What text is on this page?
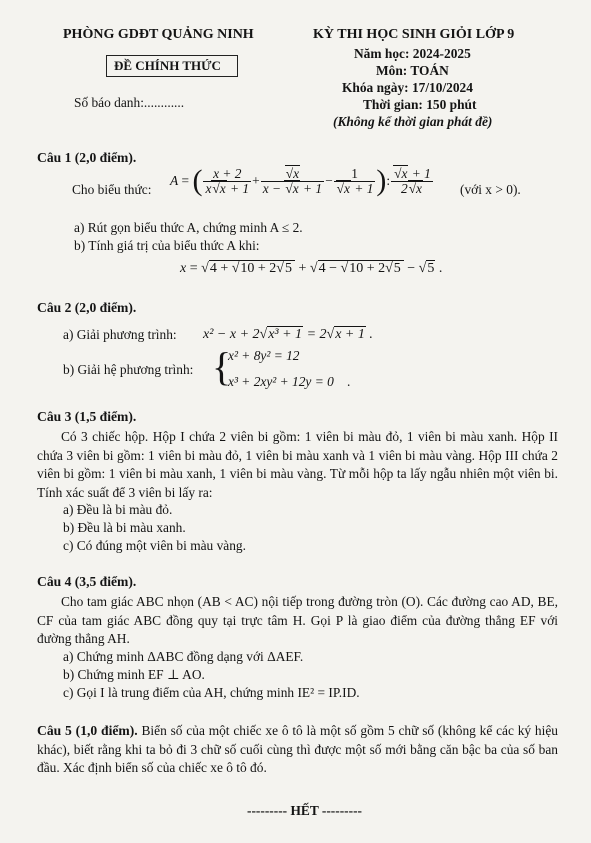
PHÒNG GDĐT QUẢNG NINH
ĐỀ CHÍNH THỨC
Số báo danh:............
KỲ THI HỌC SINH GIỎI LỚP 9
Năm học: 2024-2025
Môn: TOÁN
Khóa ngày: 17/10/2024
Thời gian: 150 phút
(Không kể thời gian phát đề)
Câu 1 (2,0 điểm).
Cho biểu thức:
A = ( $\frac{x + 2}{x√x + 1} + \frac{√x}{x - √x + 1} - \frac{1}{√x + 1}$ ) : $\frac{√x + 1}{2√x}$ (với x > 0).
a) Rút gọn biểu thức A, chứng minh A ≤ 2.
b) Tính giá trị của biểu thức A khi:
x = √4 + √10 + 2√5 + √4 − √10 + 2√5 − √5 .
Câu 2 (2,0 điểm).
a) Giải phương trình: x² − x + 2√x³ + 1 = 2√x + 1 .
b) Giải hệ phương trình: {
x² + 8y² = 12
x³ + 2xy² + 12y = 0 .
Câu 3 (1,5 điểm).
Có 3 chiếc hộp. Hộp I chứa 2 viên bi gồm: 1 viên bi màu đỏ, 1 viên bi màu xanh. Hộp II chứa 3 viên bi gồm: 1 viên bi màu đỏ, 1 viên bi màu xanh và 1 viên bi màu vàng. Hộp III chứa 2 viên bi gồm: 1 viên bi màu xanh, 1 viên bi màu vàng. Từ mỗi hộp ta lấy ngẫu nhiên một viên bi. Tính xác suất để 3 viên bi lấy ra:
a) Đều là bi màu đỏ.
b) Đều là bi màu xanh.
c) Có đúng một viên bi màu vàng.
Câu 4 (3,5 điểm).
Cho tam giác ABC nhọn (AB < AC) nội tiếp trong đường tròn (O). Các đường cao AD, BE, CF của tam giác ABC đồng quy tại trực tâm H. Gọi P là giao điểm của đường thẳng EF với đường thẳng AH.
a) Chứng minh ΔABC đồng dạng với ΔAEF.
b) Chứng minh EF ⊥ AO.
c) Gọi I là trung điểm của AH, chứng minh IE² = IP.ID.
Câu 5 (1,0 điểm). Biển số của một chiếc xe ô tô là một số gồm 5 chữ số (không kể các ký hiệu khác), biết rằng khi ta bỏ đi 3 chữ số cuối cùng thì được một số mới bằng căn bậc ba của số ban đầu. Xác định biển số của chiếc xe ô tô đó.
--------- HẾT ---------
